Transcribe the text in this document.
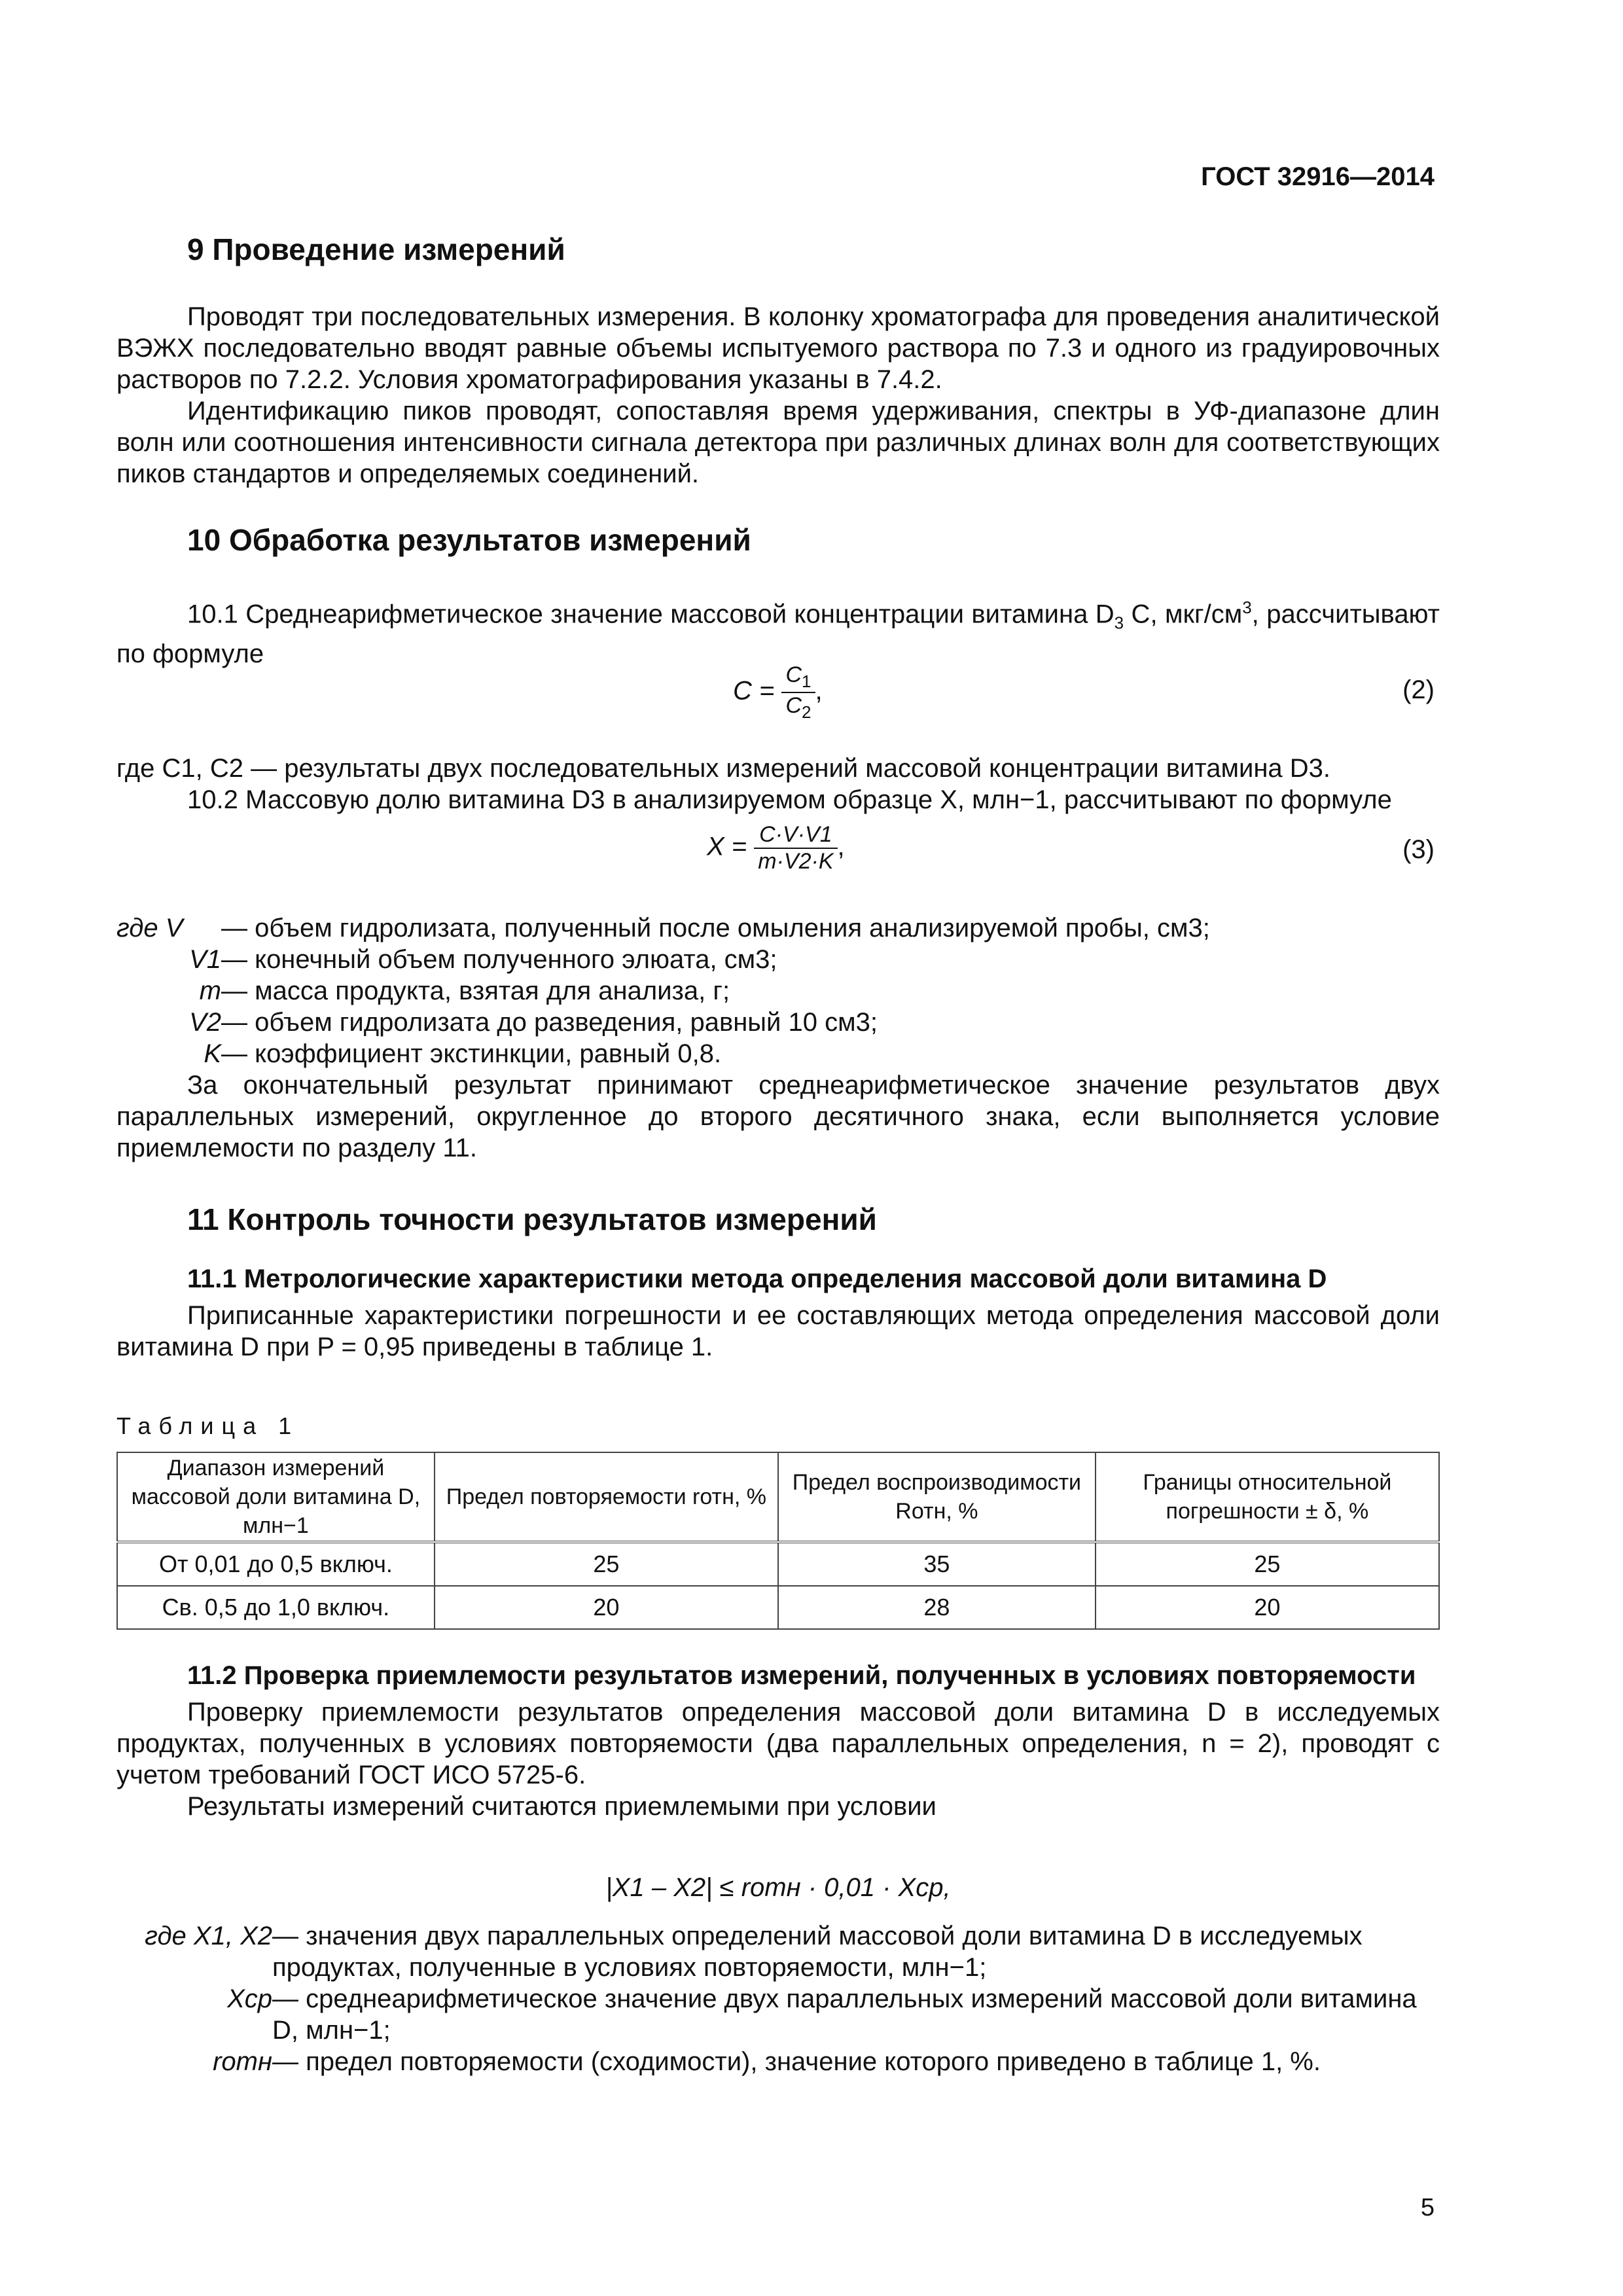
ГОСТ 32916—2014
9 Проведение измерений

Проводят три последовательных измерения. В колонку хроматографа для проведения аналитической ВЭЖХ последовательно вводят равные объемы испытуемого раствора по 7.3 и одного из градуировочных растворов по 7.2.2. Условия хроматографирования указаны в 7.4.2.

Идентификацию пиков проводят, сопоставляя время удерживания, спектры в УФ-диапазоне длин волн или соотношения интенсивности сигнала детектора при различных длинах волн для соответствующих пиков стандартов и определяемых соединений.

10 Обработка результатов измерений

10.1 Среднеарифметическое значение массовой концентрации витамина $D_3$ C, мкг/$см^3$, рассчитывают по формуле

$C = \frac{C_1}{C_2}$ ,	(2)

где C1, C2 — результаты двух последовательных измерений массовой концентрации витамина D3.

10.2 Массовую долю витамина D3 в анализируемом образце X, млн−1, рассчитывают по формуле

$X = \frac{C\cdot V\cdot V1}{m\cdot V2\cdot K}$ ,	(3)
где V	— объем гидролизата, полученный после омыления анализируемой пробы, см3;
V1 — конечный объем полученного элюата, см3;
m — масса продукта, взятая для анализа, г;
V2 — объем гидролизата до разведения, равный 10 см3;
K — коэффициент экстинкции, равный 0,8.

За окончательный результат принимают среднеарифметическое значение результатов двух параллельных измерений, округленное до второго десятичного знака, если выполняется условие приемлемости по разделу 11.

11 Контроль точности результатов измерений

11.1 Метрологические характеристики метода определения массовой доли витамина D

Приписанные характеристики погрешности и ее составляющих метода определения массовой доли витамина D при P = 0,95 приведены в таблице 1.

Таблица 1
Диапазон измерений массовой доли витамина D, млн−1	Предел повторяемости rотн, %	Предел воспроизводимости Rотн, %	Границы относительной погрешности ± δ, %
От 0,01 до 0,5 включ.	25	35	25
Св. 0,5 до 1,0 включ.	20	28	20

11.2 Проверка приемлемости результатов измерений, полученных в условиях повторяемости

Проверку приемлемости результатов определения массовой доли витамина D в исследуемых продуктах, полученных в условиях повторяемости (два параллельных определения, n = 2), проводят с учетом требований ГОСТ ИСО 5725-6.

Результаты измерений считаются приемлемыми при условии

|X1 – X2| ≤ rотн · 0,01 · Xср,
где X1, X2 — значения двух параллельных определений массовой доли витамина D в исследуемых продуктах, полученные в условиях повторяемости, млн−1;
Xср — среднеарифметическое значение двух параллельных измерений массовой доли витамина D, млн−1;
rотн — предел повторяемости (сходимости), значение которого приведено в таблице 1, %.
5
